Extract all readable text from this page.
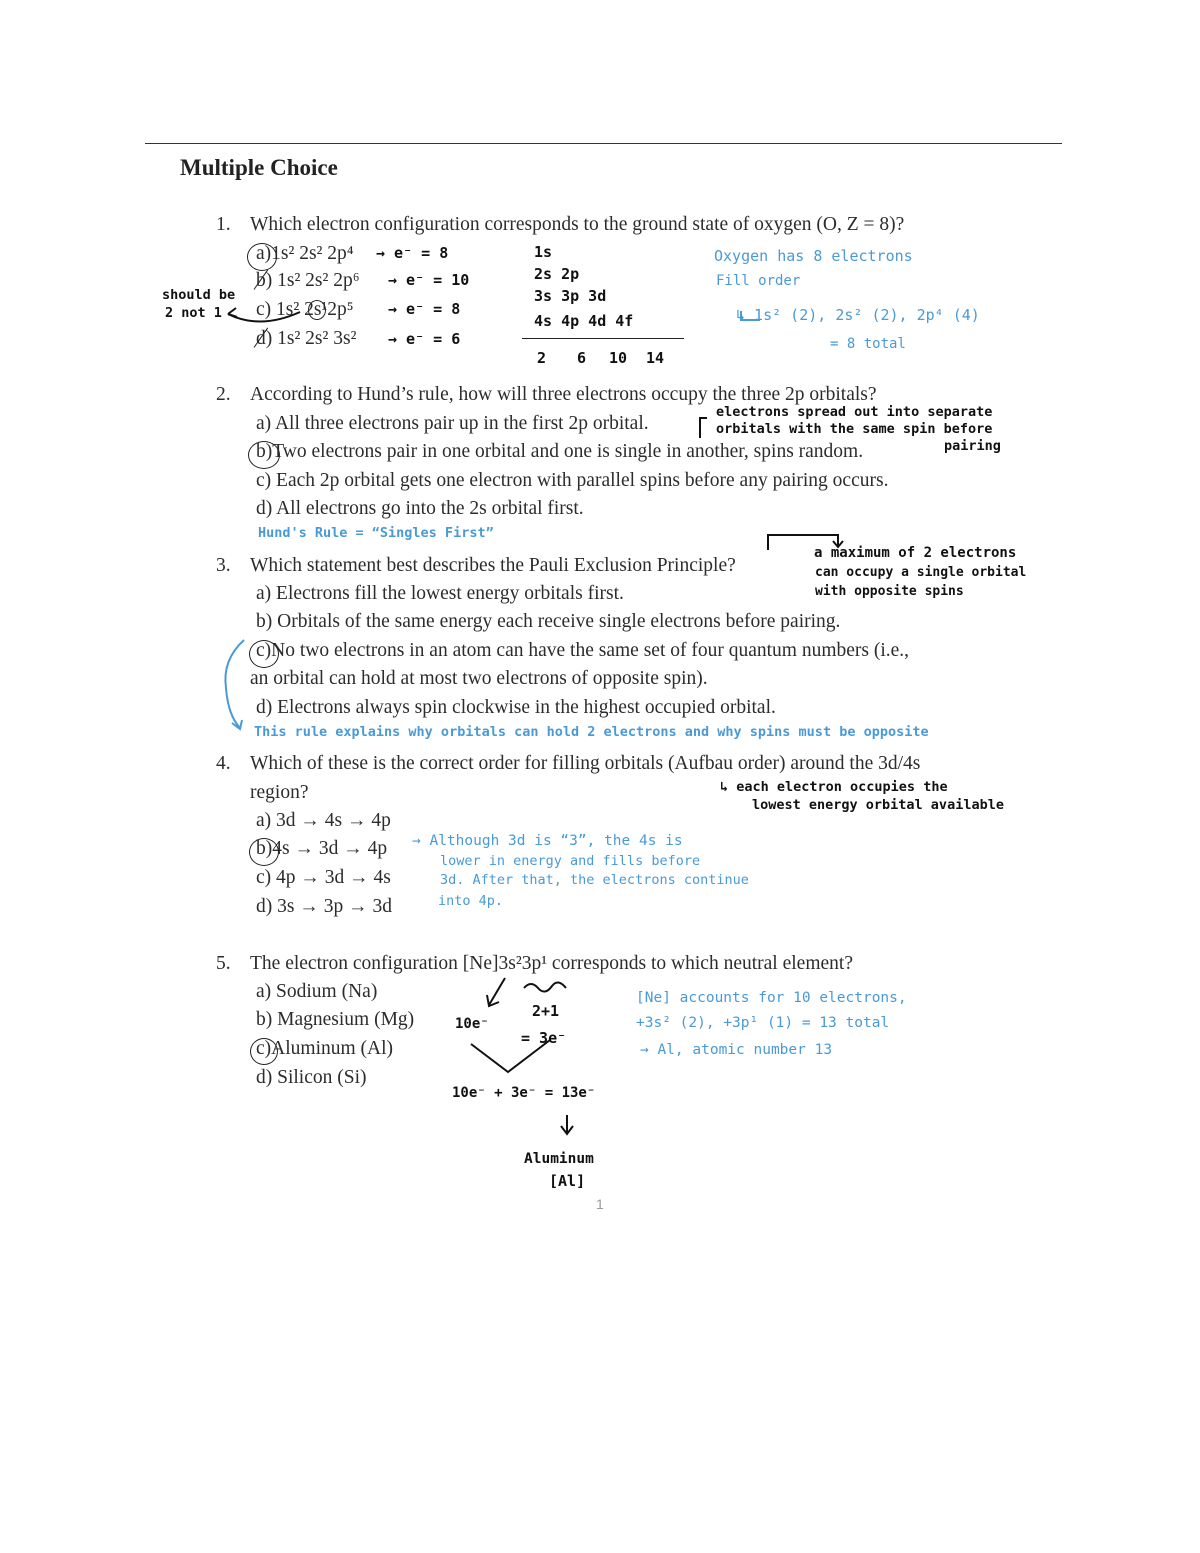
Multiple Choice
1. Which electron configuration corresponds to the ground state of oxygen (O, Z = 8)?
a)1s² 2s² 2p⁴ → e⁻ = 8
b) 1s² 2s² 2p⁶ → e⁻ = 10
c) 1s² 2s¹2p⁵ → e⁻ = 8
d) 1s² 2s² 3s² → e⁻ = 6
should be
2 not 1
1s
2s 2p
3s 3p 3d
4s 4p 4d 4f
2 6 10 14
Oxygen has 8 electrons
Fill order
↳ 1s² (2), 2s² (2), 2p⁴ (4)
= 8 total
2. According to Hund’s rule, how will three electrons occupy the three 2p orbitals?
a) All three electrons pair up in the first 2p orbital.
b)Two electrons pair in one orbital and one is single in another, spins random.
c) Each 2p orbital gets one electron with parallel spins before any pairing occurs.
d) All electrons go into the 2s orbital first.
electrons spread out into separate
orbitals with the same spin before
pairing
Hund's Rule = “Singles First”
3. Which statement best describes the Pauli Exclusion Principle?
a) Electrons fill the lowest energy orbitals first.
b) Orbitals of the same energy each receive single electrons before pairing.
c)No two electrons in an atom can have the same set of four quantum numbers (i.e.,
an orbital can hold at most two electrons of opposite spin).
d) Electrons always spin clockwise in the highest occupied orbital.
a maximum of 2 electrons
can occupy a single orbital
with opposite spins
This rule explains why orbitals can hold 2 electrons and why spins must be opposite
4. Which of these is the correct order for filling orbitals (Aufbau order) around the 3d/4s
region?
a) 3d → 4s → 4p
b)4s → 3d → 4p
c) 4p → 3d → 4s
d) 3s → 3p → 3d
↳ each electron occupies the
lowest energy orbital available
→ Although 3d is “3”, the 4s is
lower in energy and fills before
3d. After that, the electrons continue
into 4p.
5. The electron configuration [Ne]3s²3p¹ corresponds to which neutral element?
a) Sodium (Na)
b) Magnesium (Mg)
c)Aluminum (Al)
d) Silicon (Si)
10e⁻
2+1
= 3e⁻
10e⁻ + 3e⁻ = 13e⁻
Aluminum
[Al]
[Ne] accounts for 10 electrons,
+3s² (2), +3p¹ (1) = 13 total
→ Al, atomic number 13
1
